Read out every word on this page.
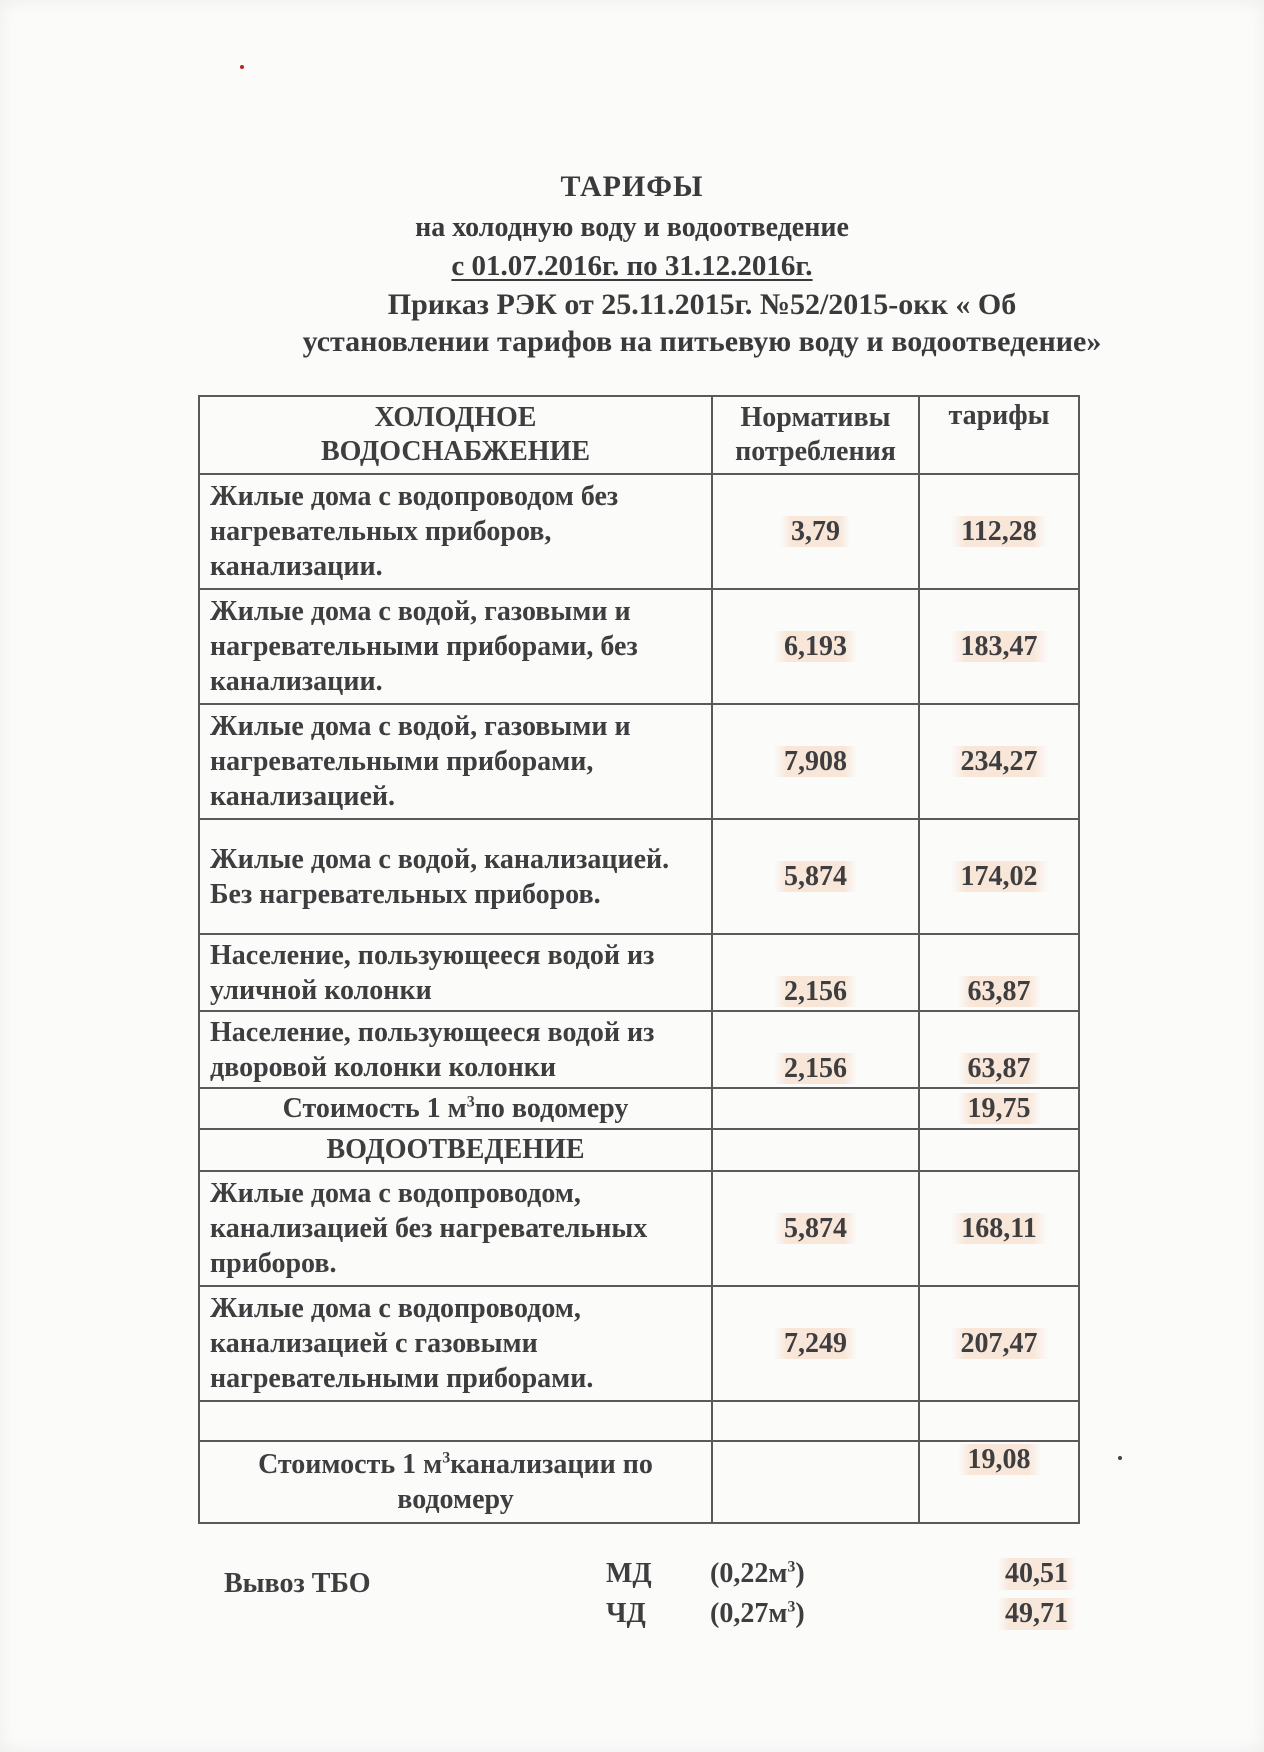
ТАРИФЫ
на холодную воду и водоотведение
с 01.07.2016г. по 31.12.2016г.
Приказ РЭК от 25.11.2015г. №52/2015-окк « Об установлении тарифов на питьевую воду и водоотведение»
ХОЛОДНОЕ ВОДОСНАБЖЕНИЕ	Нормативы потребления	тарифы
Жилые дома с водопроводом без нагревательных приборов, канализации.	3,79	112,28
Жилые дома с водой, газовыми и нагревательными приборами, без канализации.	6,193	183,47
Жилые дома с водой, газовыми и нагревательными приборами, канализацией.	7,908	234,27
Жилые дома с водой, канализацией. Без нагревательных приборов.	5,874	174,02
Население, пользующееся водой из уличной колонки	2,156	63,87
Население, пользующееся водой из дворовой колонки колонки	2,156	63,87
Стоимость 1 $м^3по$ водомеру		19,75
ВОДООТВЕДЕНИЕ		
Жилые дома с водопроводом, канализацией без нагревательных приборов.	5,874	168,11
Жилые дома с водопроводом, канализацией с газовыми нагревательными приборами.	7,249	207,47

Стоимость 1 $м^3канализации$ по водомеру		19,08
Вывоз ТБО	МД $(0,22м^3)$	40,51
ЧД $(0,27м^3)$	49,71
